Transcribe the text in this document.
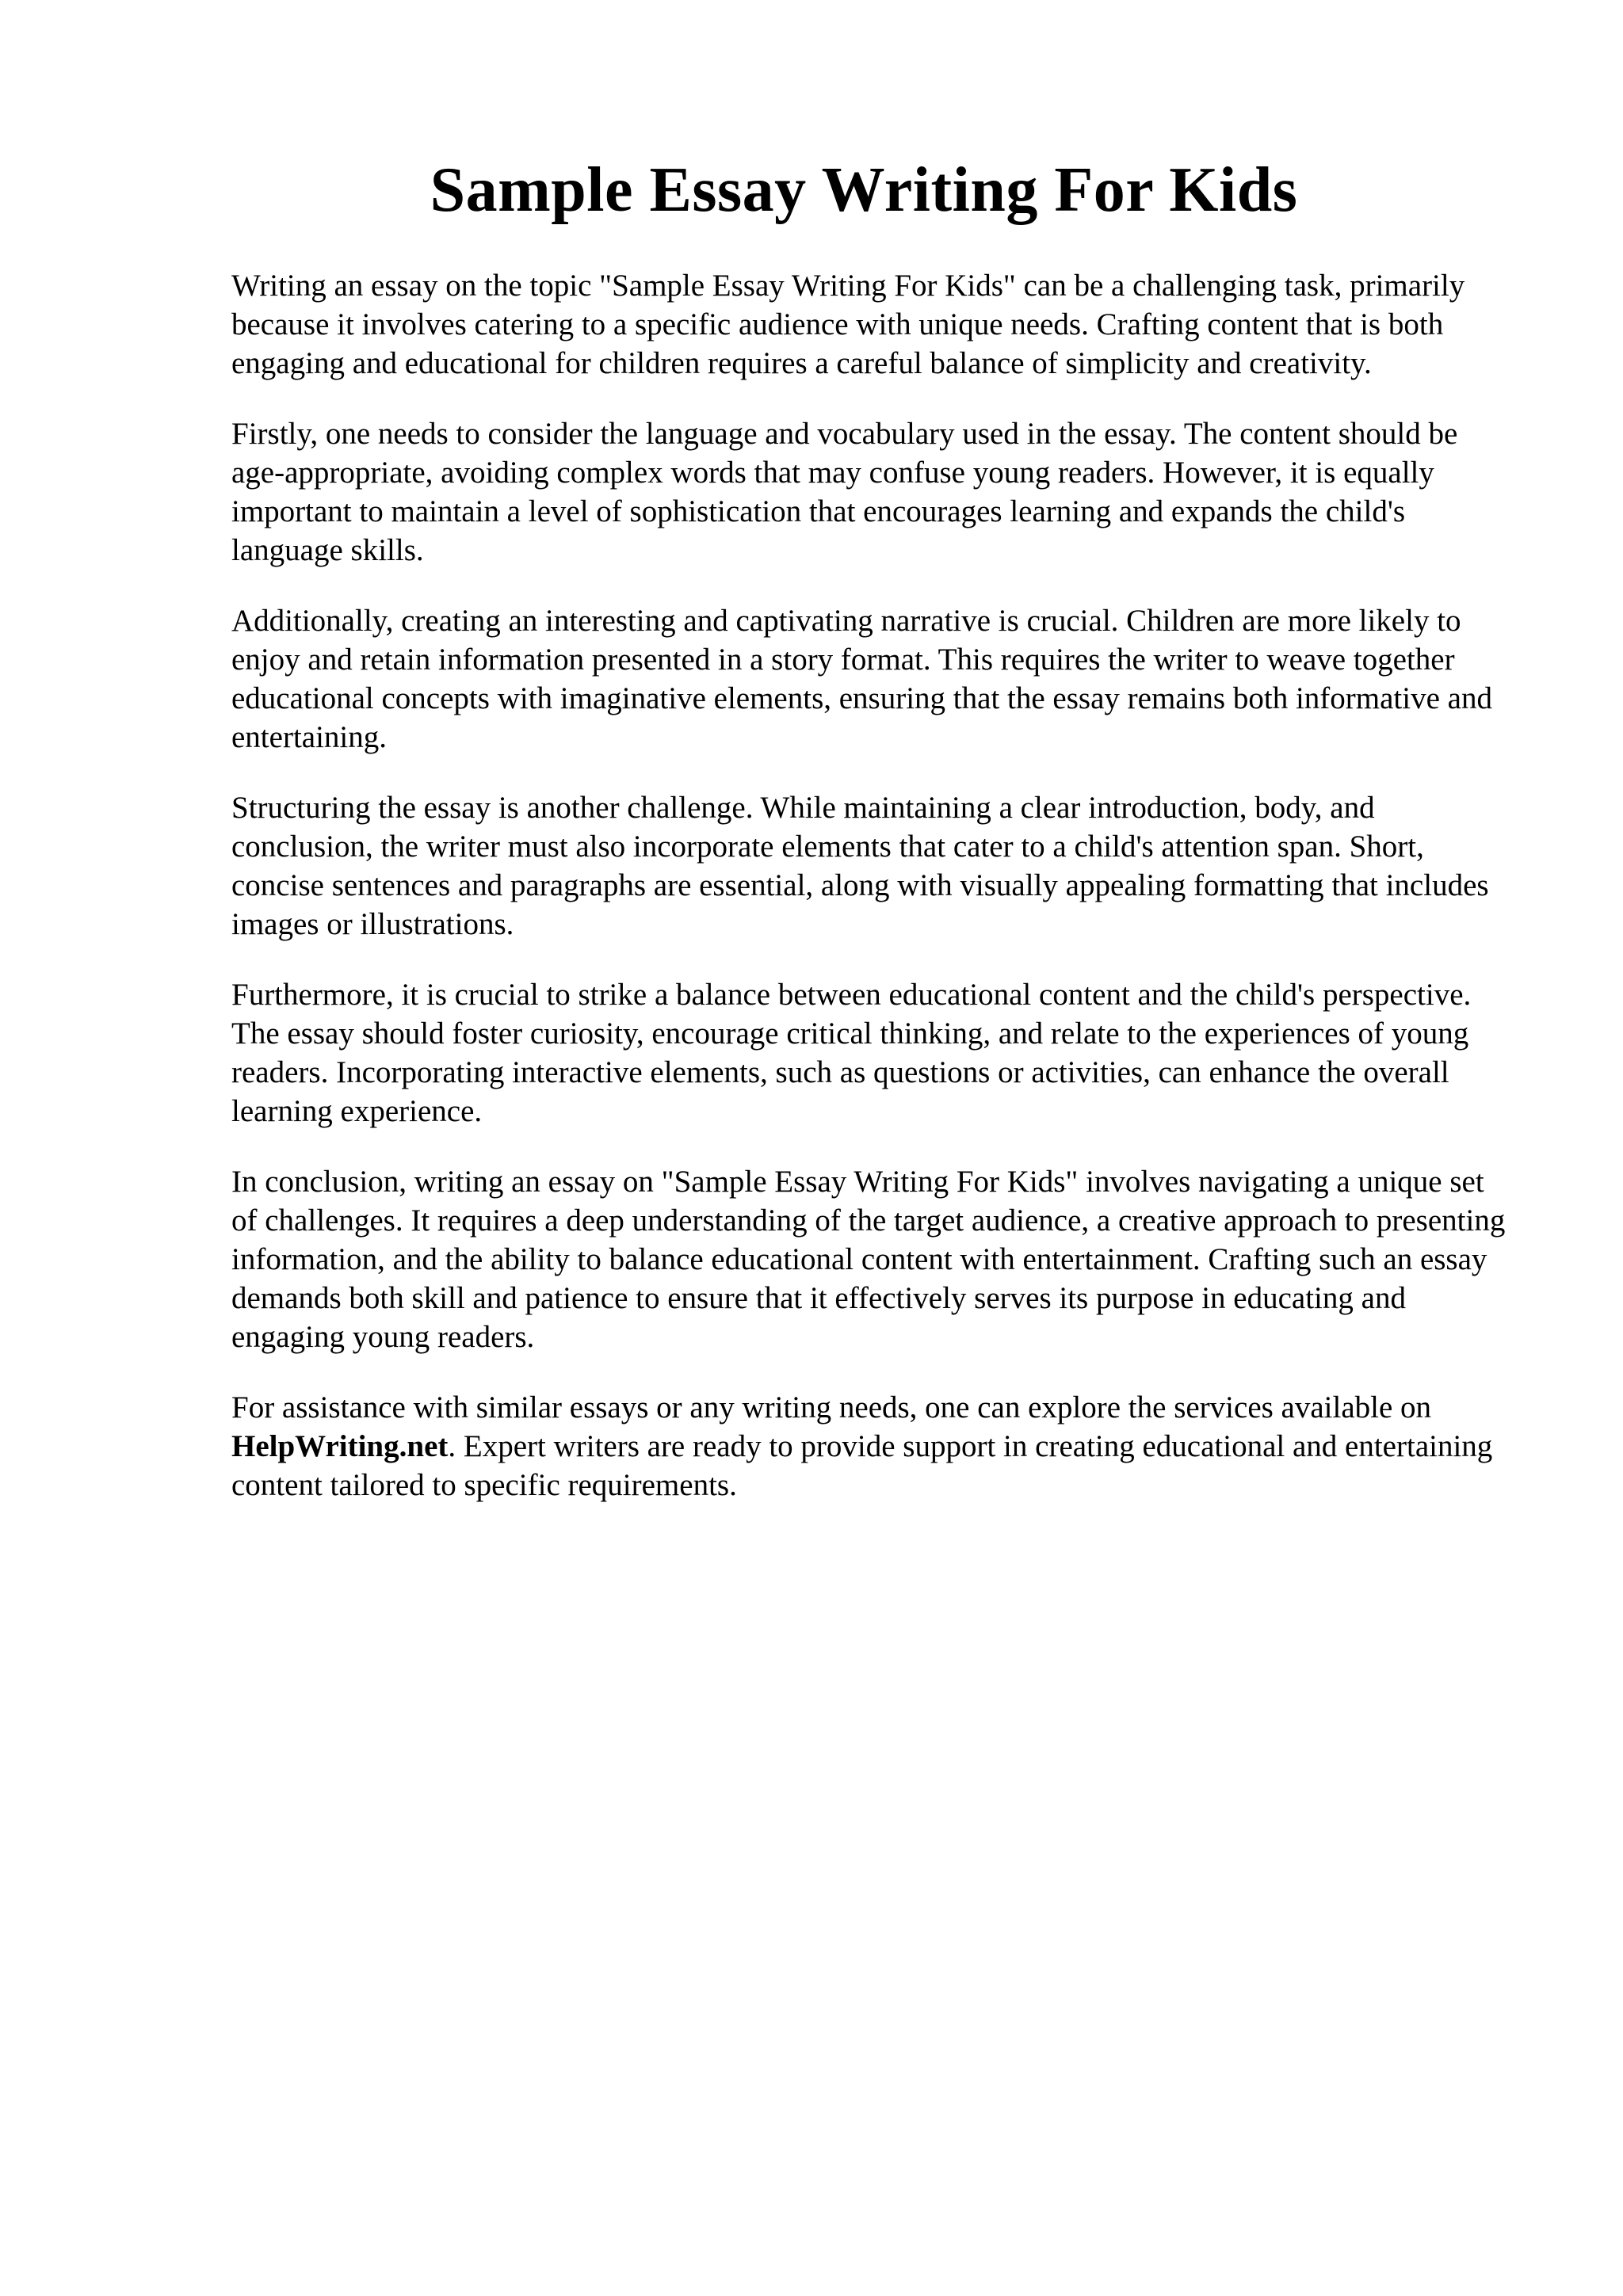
Sample Essay Writing For Kids

Writing an essay on the topic "Sample Essay Writing For Kids" can be a challenging task, primarily because it involves catering to a specific audience with unique needs. Crafting content that is both engaging and educational for children requires a careful balance of simplicity and creativity.

Firstly, one needs to consider the language and vocabulary used in the essay. The content should be age-appropriate, avoiding complex words that may confuse young readers. However, it is equally important to maintain a level of sophistication that encourages learning and expands the child's language skills.

Additionally, creating an interesting and captivating narrative is crucial. Children are more likely to enjoy and retain information presented in a story format. This requires the writer to weave together educational concepts with imaginative elements, ensuring that the essay remains both informative and entertaining.

Structuring the essay is another challenge. While maintaining a clear introduction, body, and conclusion, the writer must also incorporate elements that cater to a child's attention span. Short, concise sentences and paragraphs are essential, along with visually appealing formatting that includes images or illustrations.

Furthermore, it is crucial to strike a balance between educational content and the child's perspective. The essay should foster curiosity, encourage critical thinking, and relate to the experiences of young readers. Incorporating interactive elements, such as questions or activities, can enhance the overall learning experience.

In conclusion, writing an essay on "Sample Essay Writing For Kids" involves navigating a unique set of challenges. It requires a deep understanding of the target audience, a creative approach to presenting information, and the ability to balance educational content with entertainment. Crafting such an essay demands both skill and patience to ensure that it effectively serves its purpose in educating and engaging young readers.

For assistance with similar essays or any writing needs, one can explore the services available on HelpWriting.net. Expert writers are ready to provide support in creating educational and entertaining content tailored to specific requirements.
